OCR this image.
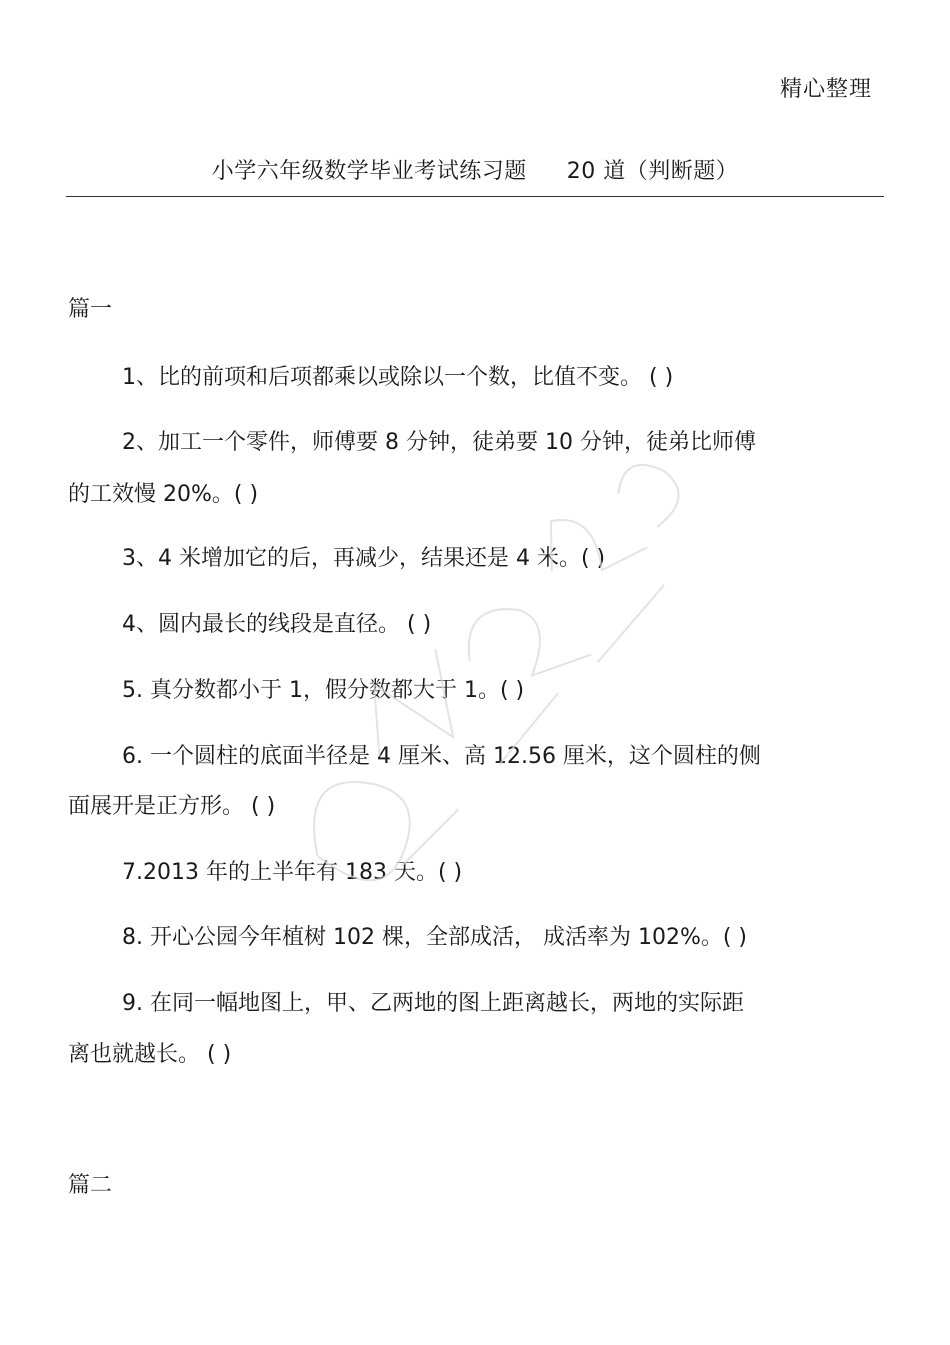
精心整理
小学六年级数学毕业考试练习题 20 道（判断题）
篇一
1、比的前项和后项都乘以或除以一个数，比值不变。 ( )
2、加工一个零件，师傅要 8 分钟，徒弟要 10 分钟，徒弟比师傅
的工效慢 20%。( )
3、4 米增加它的后，再减少，结果还是 4 米。( )
4、圆内最长的线段是直径。 ( )
5. 真分数都小于 1，假分数都大于 1。( )
6. 一个圆柱的底面半径是 4 厘米、高 12.56 厘米，这个圆柱的侧
面展开是正方形。 ( )
7.2013 年的上半年有 183 天。( )
8. 开心公园今年植树 102 棵，全部成活， 成活率为 102%。( )
9. 在同一幅地图上，甲、乙两地的图上距离越长，两地的实际距
离也就越长。 ( )
篇二
